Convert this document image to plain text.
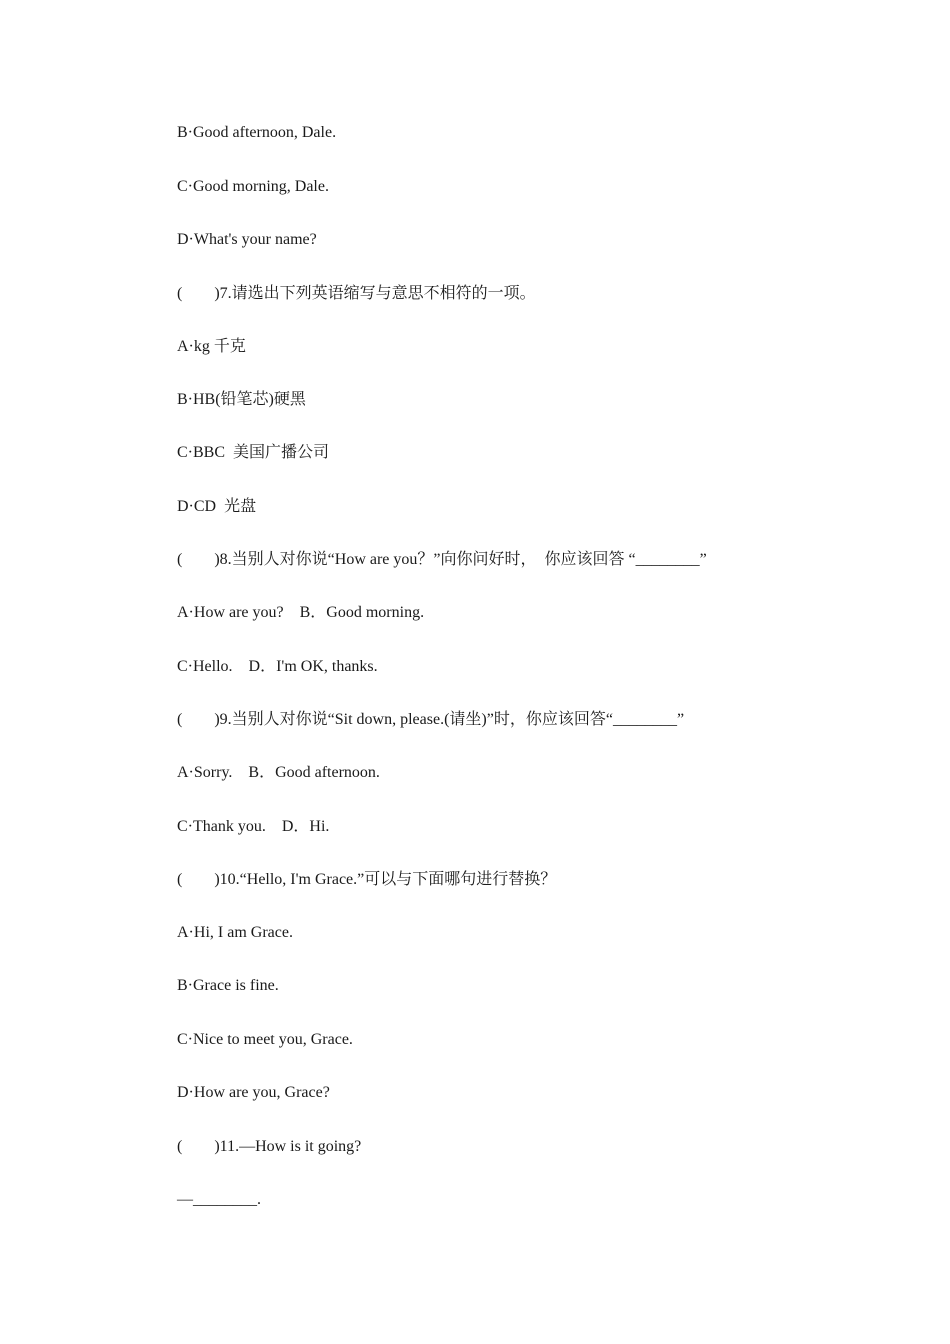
B·Good afternoon, Dale.
C·Good morning, Dale.
D·What's your name?
(        )7.请选出下列英语缩写与意思不相符的一项。
A·kg 千克
B·HB(铅笔芯)硬黑
C·BBC  美国广播公司
D·CD  光盘
(        )8.当别人对你说“How are you？”向你问好时，  你应该回答 “________”
A·How are you?    B．Good morning.
C·Hello.    D．I'm OK, thanks.
(        )9.当别人对你说“Sit down, please.(请坐)”时，你应该回答“________”
A·Sorry.    B．Good afternoon.
C·Thank you.    D．Hi.
(        )10.“Hello, I'm Grace.”可以与下面哪句进行替换？
A·Hi, I am Grace.
B·Grace is fine.
C·Nice to meet you, Grace.
D·How are you, Grace?
(        )11.—How is it going?
—________.
